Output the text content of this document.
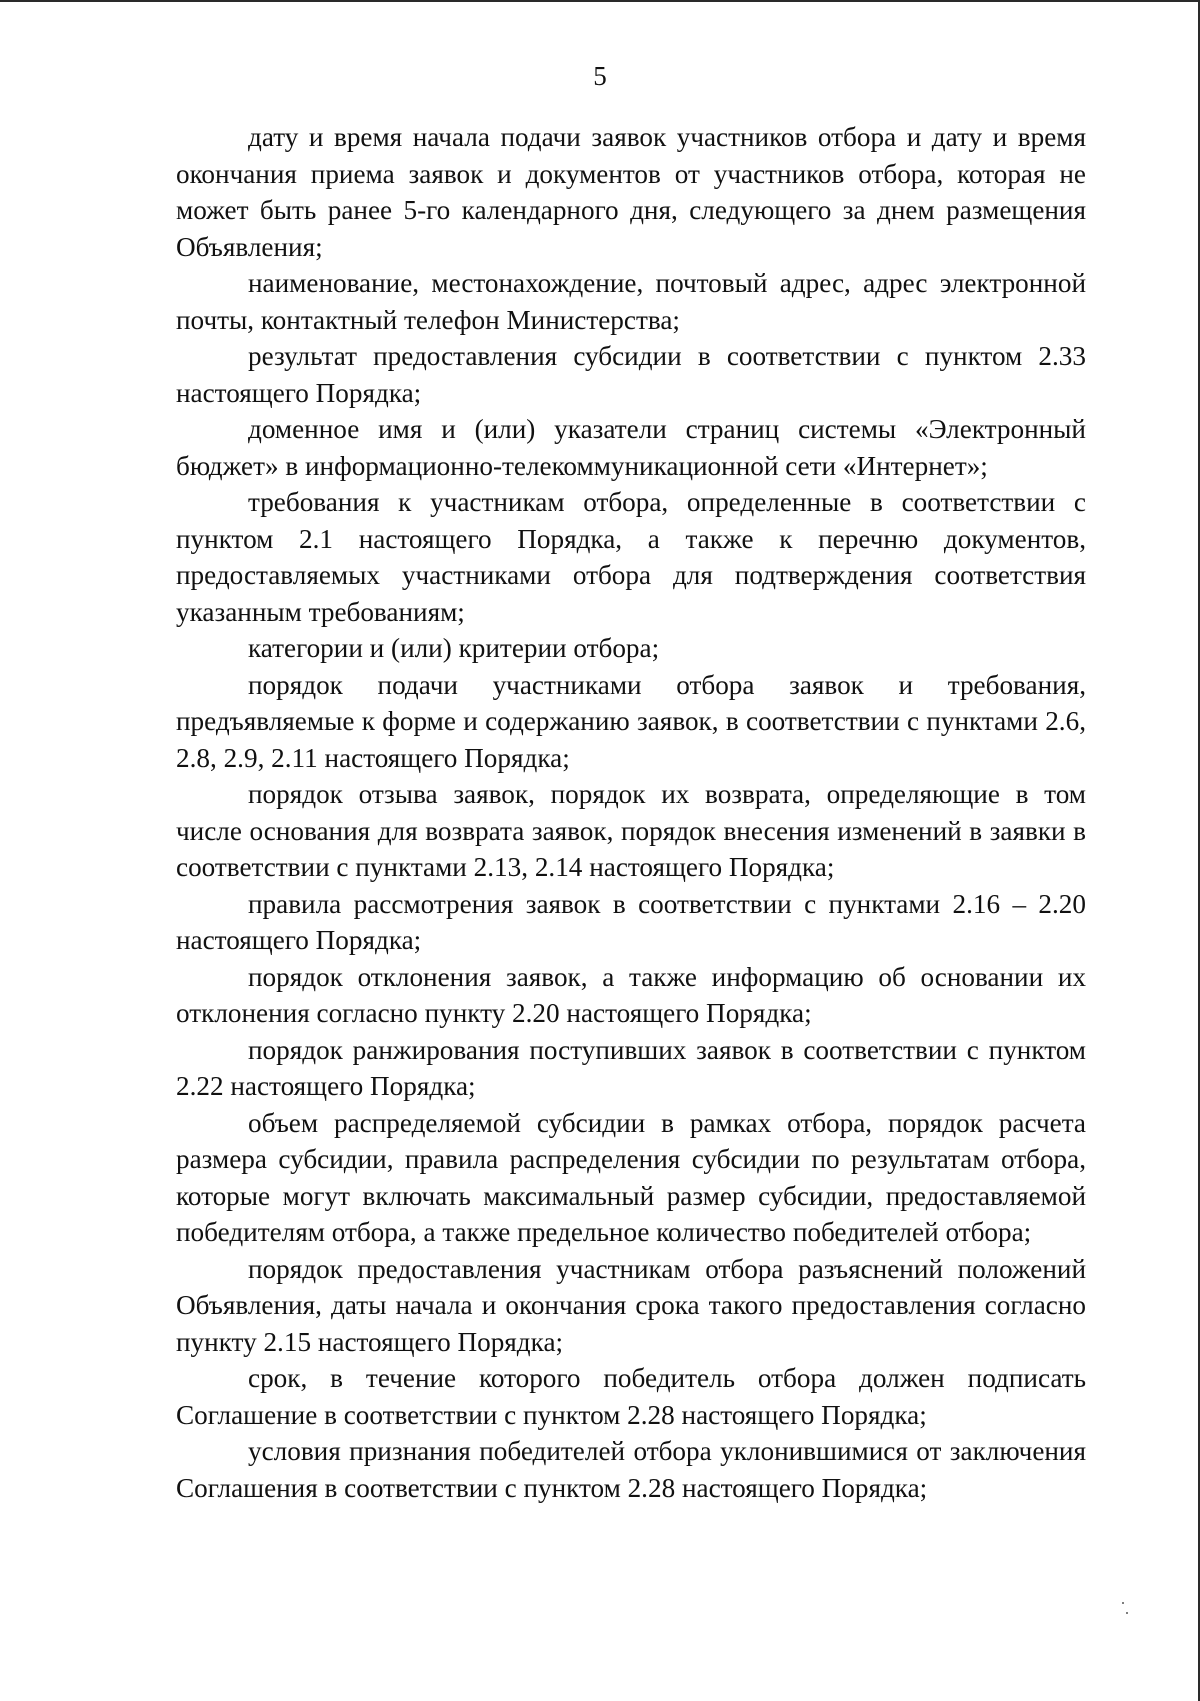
5

дату и время начала подачи заявок участников отбора и дату и время окончания приема заявок и документов от участников отбора, которая не может быть ранее 5-го календарного дня, следующего за днем размещения Объявления;

наименование, местонахождение, почтовый адрес, адрес электронной почты, контактный телефон Министерства;

результат предоставления субсидии в соответствии с пунктом 2.33 настоящего Порядка;

доменное имя и (или) указатели страниц системы «Электронный бюджет» в информационно-телекоммуникационной сети «Интернет»;

требования к участникам отбора, определенные в соответствии с пунктом 2.1 настоящего Порядка, а также к перечню документов, предоставляемых участниками отбора для подтверждения соответствия указанным требованиям;

категории и (или) критерии отбора;

порядок подачи участниками отбора заявок и требования, предъявляемые к форме и содержанию заявок, в соответствии с пунктами 2.6, 2.8, 2.9, 2.11 настоящего Порядка;

порядок отзыва заявок, порядок их возврата, определяющие в том числе основания для возврата заявок, порядок внесения изменений в заявки в соответствии с пунктами 2.13, 2.14 настоящего Порядка;

правила рассмотрения заявок в соответствии с пунктами 2.16 – 2.20 настоящего Порядка;

порядок отклонения заявок, а также информацию об основании их отклонения согласно пункту 2.20 настоящего Порядка;

порядок ранжирования поступивших заявок в соответствии с пунктом 2.22 настоящего Порядка;

объем распределяемой субсидии в рамках отбора, порядок расчета размера субсидии, правила распределения субсидии по результатам отбора, которые могут включать максимальный размер субсидии, предоставляемой победителям отбора, а также предельное количество победителей отбора;

порядок предоставления участникам отбора разъяснений положений Объявления, даты начала и окончания срока такого предоставления согласно пункту 2.15 настоящего Порядка;

срок, в течение которого победитель отбора должен подписать Соглашение в соответствии с пунктом 2.28 настоящего Порядка;

условия признания победителей отбора уклонившимися от заключения Соглашения в соответствии с пунктом 2.28 настоящего Порядка;
